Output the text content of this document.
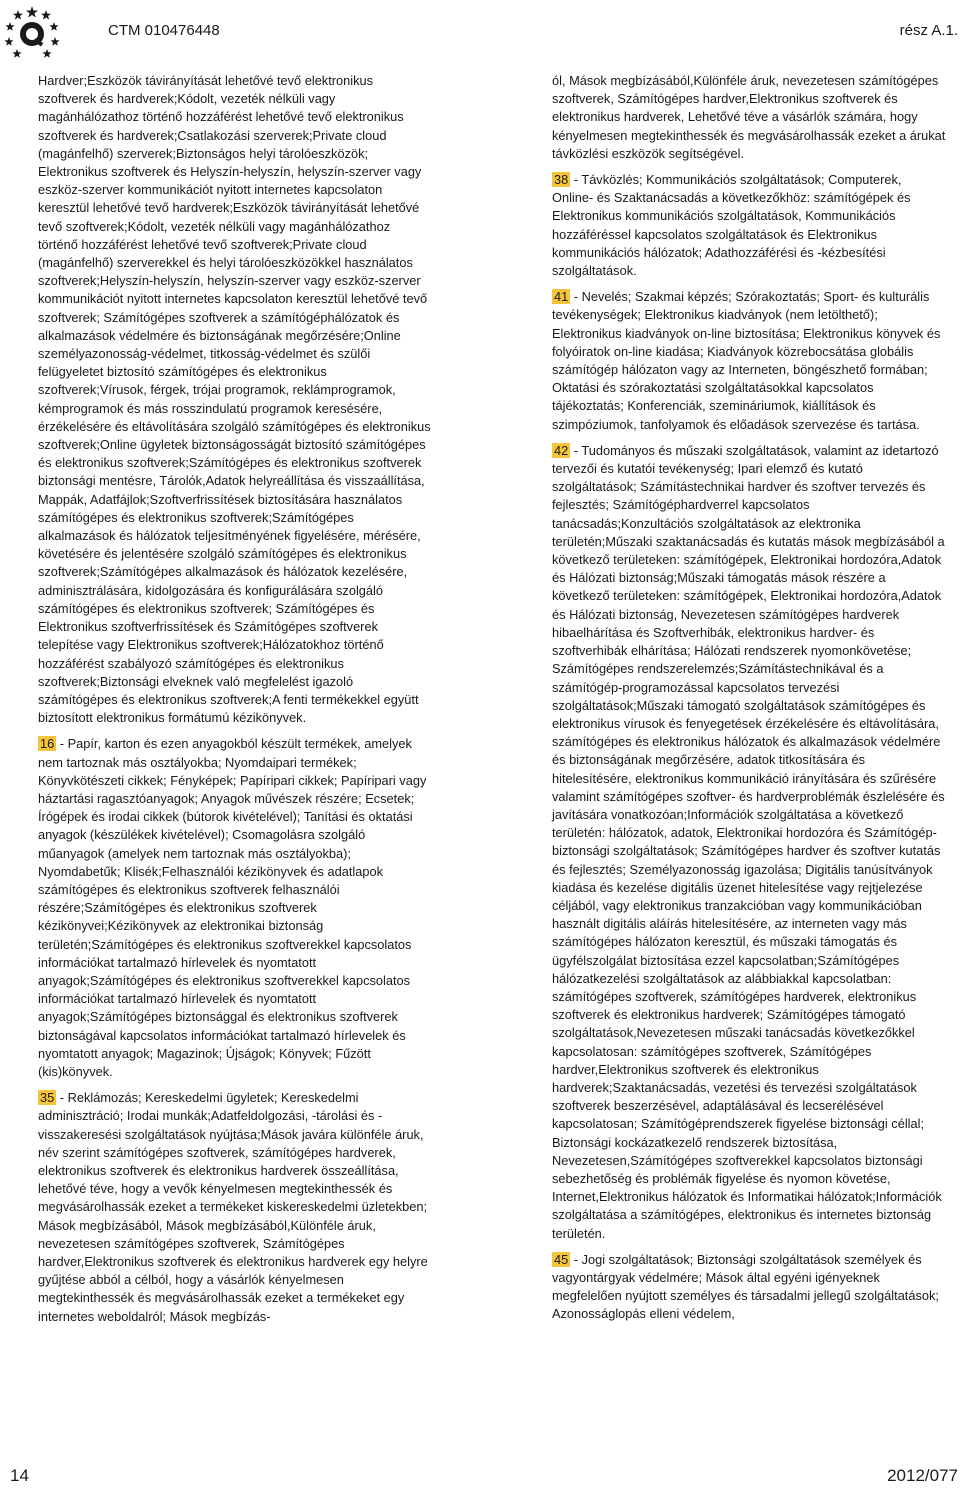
CTM 010476448	rész A.1.

Hardver;Eszközök távirányítását lehetővé tevő elektronikus szoftverek és hardverek;Kódolt, vezeték nélküli vagy magánhálózathoz történő hozzáférést lehetővé tevő elektronikus szoftverek és hardverek;Csatlakozási szerverek;Private cloud (magánfelhő) szerverek;Biztonságos helyi tárolóeszközök; Elektronikus szoftverek és Helyszín-helyszín, helyszín-szerver vagy eszköz-szerver kommunikációt nyitott internetes kapcsolaton keresztül lehetővé tevő hardverek;Eszközök távirányítását lehetővé tevő szoftverek;Kódolt, vezeték nélküli vagy magánhálózathoz történő hozzáférést lehetővé tevő szoftverek;Private cloud (magánfelhő) szerverekkel és helyi tárolóeszközökkel használatos szoftverek;Helyszín-helyszín, helyszín-szerver vagy eszköz-szerver kommunikációt nyitott internetes kapcsolaton keresztül lehetővé tevő szoftverek; Számítógépes szoftverek a számítógéphálózatok és alkalmazások védelmére és biztonságának megőrzésére;Online személyazonosság-védelmet, titkosság-védelmet és szülői felügyeletet biztosító számítógépes és elektronikus szoftverek;Vírusok, férgek, trójai programok, reklámprogramok, kémprogramok és más rosszindulatú programok keresésére, érzékelésére és eltávolítására szolgáló számítógépes és elektronikus szoftverek;Online ügyletek biztonságosságát biztosító számítógépes és elektronikus szoftverek;Számítógépes és elektronikus szoftverek biztonsági mentésre, Tárolók,Adatok helyreállítása és visszaállítása, Mappák, Adatfájlok;Szoftverfrissítések biztosítására használatos számítógépes és elektronikus szoftverek;Számítógépes alkalmazások és hálózatok teljesítményének figyelésére, mérésére, követésére és jelentésére szolgáló számítógépes és elektronikus szoftverek;Számítógépes alkalmazások és hálózatok kezelésére, adminisztrálására, kidolgozására és konfigurálására szolgáló számítógépes és elektronikus szoftverek; Számítógépes és Elektronikus szoftverfrissítések és Számítógépes szoftverek telepítése vagy Elektronikus szoftverek;Hálózatokhoz történő hozzáférést szabályozó számítógépes és elektronikus szoftverek;Biztonsági elveknek való megfelelést igazoló számítógépes és elektronikus szoftverek;A fenti termékekkel együtt biztosított elektronikus formátumú kézikönyvek.

16 - Papír, karton és ezen anyagokból készült termékek, amelyek nem tartoznak más osztályokba; Nyomdaipari termékek; Könyvkötészeti cikkek; Fényképek; Papíripari cikkek; Papíripari vagy háztartási ragasztóanyagok; Anyagok művészek részére; Ecsetek; Írógépek és irodai cikkek (bútorok kivételével); Tanítási és oktatási anyagok (készülékek kivételével); Csomagolásra szolgáló műanyagok (amelyek nem tartoznak más osztályokba); Nyomdabetűk; Klisék;Felhasználói kézikönyvek és adatlapok számítógépes és elektronikus szoftverek felhasználói részére;Számítógépes és elektronikus szoftverek kézikönyvei;Kézikönyvek az elektronikai biztonság területén;Számítógépes és elektronikus szoftverekkel kapcsolatos információkat tartalmazó hírlevelek és nyomtatott anyagok;Számítógépes és elektronikus szoftverekkel kapcsolatos információkat tartalmazó hírlevelek és nyomtatott anyagok;Számítógépes biztonsággal és elektronikus szoftverek biztonságával kapcsolatos információkat tartalmazó hírlevelek és nyomtatott anyagok; Magazinok; Újságok; Könyvek; Fűzött (kis)könyvek.

35 - Reklámozás; Kereskedelmi ügyletek; Kereskedelmi adminisztráció; Irodai munkák;Adatfeldolgozási, -tárolási és -visszakeresési szolgáltatások nyújtása;Mások javára különféle áruk, név szerint számítógépes szoftverek, számítógépes hardverek, elektronikus szoftverek és elektronikus hardverek összeállítása, lehetővé téve, hogy a vevők kényelmesen megtekinthessék és megvásárolhassák ezeket a termékeket kiskereskedelmi üzletekben; Mások megbízásából, Mások megbízásából,Különféle áruk, nevezetesen számítógépes szoftverek, Számítógépes hardver,Elektronikus szoftverek és elektronikus hardverek egy helyre gyűjtése abból a célból, hogy a vásárlók kényelmesen megtekinthessék és megvásárolhassák ezeket a termékeket egy internetes weboldalról; Mások megbízás-

ól, Mások megbízásából,Különféle áruk, nevezetesen számítógépes szoftverek, Számítógépes hardver,Elektronikus szoftverek és elektronikus hardverek, Lehetővé téve a vásárlók számára, hogy kényelmesen megtekinthessék és megvásárolhassák ezeket a árukat távközlési eszközök segítségével.

38 - Távközlés; Kommunikációs szolgáltatások; Computerek, Online- és Szaktanácsadás a következőkhöz: számítógépek és Elektronikus kommunikációs szolgáltatások, Kommunikációs hozzáféréssel kapcsolatos szolgáltatások és Elektronikus kommunikációs hálózatok; Adathozzáférési és -kézbesítési szolgáltatások.

41 - Nevelés; Szakmai képzés; Szórakoztatás; Sport- és kulturális tevékenységek; Elektronikus kiadványok (nem letölthető); Elektronikus kiadványok on-line biztosítása; Elektronikus könyvek és folyóiratok on-line kiadása; Kiadványok közrebocsátása globális számítógép hálózaton vagy az Interneten, böngészhető formában; Oktatási és szórakoztatási szolgáltatásokkal kapcsolatos tájékoztatás; Konferenciák, szemináriumok, kiállítások és szimpóziumok, tanfolyamok és előadások szervezése és tartása.

42 - Tudományos és műszaki szolgáltatások, valamint az idetartozó tervezői és kutatói tevékenység; Ipari elemző és kutató szolgáltatások; Számítástechnikai hardver és szoftver tervezés és fejlesztés; Számítógéphardverrel kapcsolatos tanácsadás;Konzultációs szolgáltatások az elektronika területén;Műszaki szaktanácsadás és kutatás mások megbízásából a következő területeken: számítógépek, Elektronikai hordozóra,Adatok és Hálózati biztonság;Műszaki támogatás mások részére a következő területeken: számítógépek, Elektronikai hordozóra,Adatok és Hálózati biztonság, Nevezetesen számítógépes hardverek hibaelhárítása és Szoftverhibák, elektronikus hardver- és szoftverhibák elhárítása; Hálózati rendszerek nyomonkövetése; Számítógépes rendszerelemzés;Számítástechnikával és a számítógép-programozással kapcsolatos tervezési szolgáltatások;Műszaki támogató szolgáltatások számítógépes és elektronikus vírusok és fenyegetések érzékelésére és eltávolítására, számítógépes és elektronikus hálózatok és alkalmazások védelmére és biztonságának megőrzésére, adatok titkosítására és hitelesítésére, elektronikus kommunikáció irányítására és szűrésére valamint számítógépes szoftver- és hardverproblémák észlelésére és javítására vonatkozóan;Információk szolgáltatása a következő területén: hálózatok, adatok, Elektronikai hordozóra és Számítógép-biztonsági szolgáltatások; Számítógépes hardver és szoftver kutatás és fejlesztés; Személyazonosság igazolása; Digitális tanúsítványok kiadása és kezelése digitális üzenet hitelesítése vagy rejtjelezése céljából, vagy elektronikus tranzakcióban vagy kommunikációban használt digitális aláírás hitelesítésére, az interneten vagy más számítógépes hálózaton keresztül, és műszaki támogatás és ügyfélszolgálat biztosítása ezzel kapcsolatban;Számítógépes hálózatkezelési szolgáltatások az alábbiakkal kapcsolatban: számítógépes szoftverek, számítógépes hardverek, elektronikus szoftverek és elektronikus hardverek; Számítógépes támogató szolgáltatások,Nevezetesen műszaki tanácsadás következőkkel kapcsolatosan: számítógépes szoftverek, Számítógépes hardver,Elektronikus szoftverek és elektronikus hardverek;Szaktanácsadás, vezetési és tervezési szolgáltatások szoftverek beszerzésével, adaptálásával és lecserélésével kapcsolatosan; Számítógéprendszerek figyelése biztonsági céllal; Biztonsági kockázatkezelő rendszerek biztosítása, Nevezetesen,Számítógépes szoftverekkel kapcsolatos biztonsági sebezhetőség és problémák figyelése és nyomon követése, Internet,Elektronikus hálózatok és Informatikai hálózatok;Információk szolgáltatása a számítógépes, elektronikus és internetes biztonság területén.

45 - Jogi szolgáltatások; Biztonsági szolgáltatások személyek és vagyontárgyak védelmére; Mások által egyéni igényeknek megfelelően nyújtott személyes és társadalmi jellegű szolgáltatások; Azonosságlopás elleni védelem,

14	2012/077
